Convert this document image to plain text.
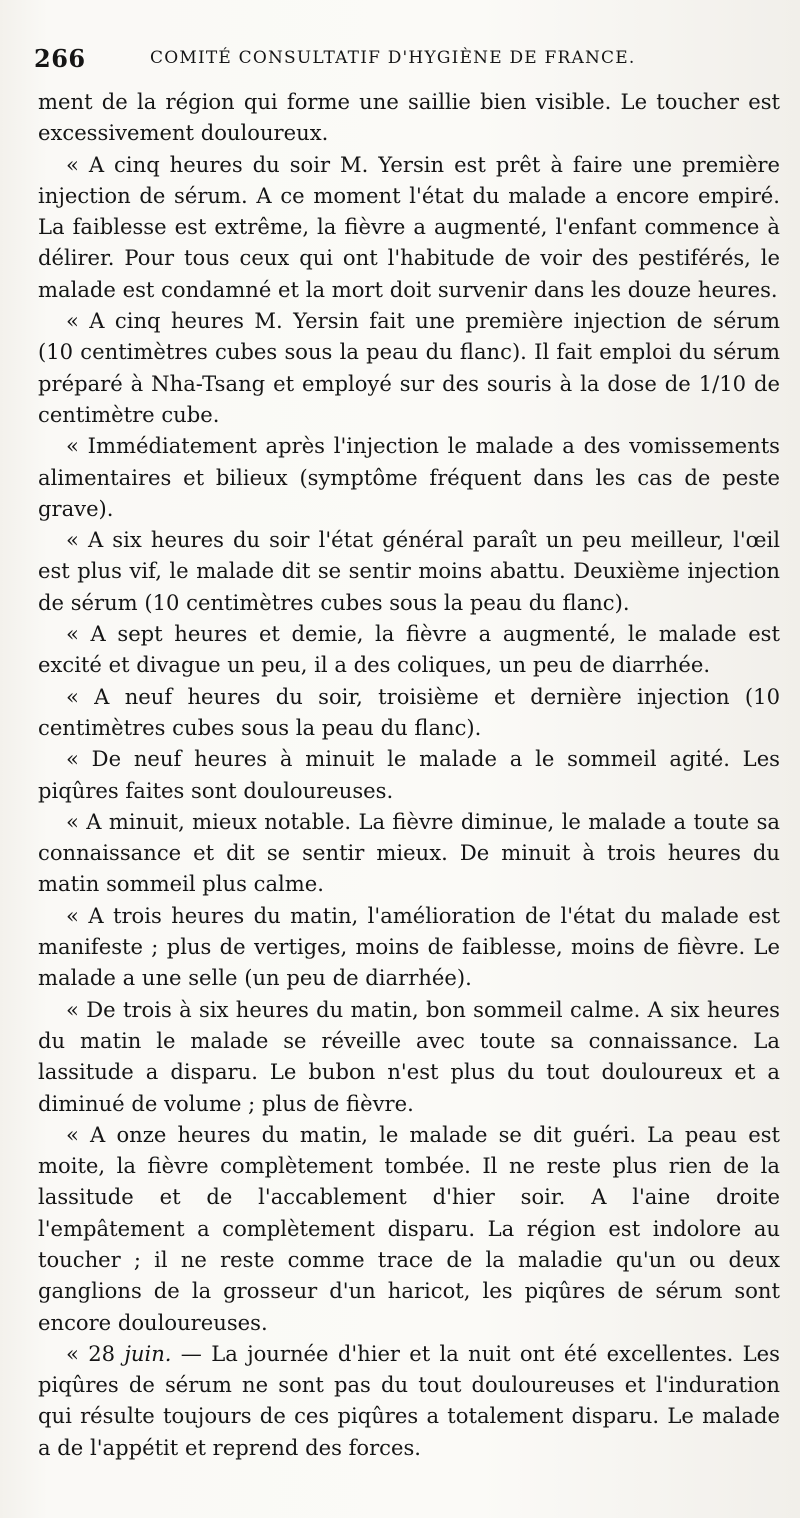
266	COMITÉ CONSULTATIF D'HYGIÈNE DE FRANCE.

ment de la région qui forme une saillie bien visible. Le toucher est excessivement douloureux.

« A cinq heures du soir M. Yersin est prêt à faire une première injection de sérum. A ce moment l'état du malade a encore empiré. La faiblesse est extrême, la fièvre a augmenté, l'enfant commence à délirer. Pour tous ceux qui ont l'habitude de voir des pestiférés, le malade est condamné et la mort doit survenir dans les douze heures.

« A cinq heures M. Yersin fait une première injection de sérum (10 centimètres cubes sous la peau du flanc). Il fait emploi du sérum préparé à Nha-Tsang et employé sur des souris à la dose de 1/10 de centimètre cube.

« Immédiatement après l'injection le malade a des vomissements alimentaires et bilieux (symptôme fréquent dans les cas de peste grave).

« A six heures du soir l'état général paraît un peu meilleur, l'œil est plus vif, le malade dit se sentir moins abattu. Deuxième injection de sérum (10 centimètres cubes sous la peau du flanc).

« A sept heures et demie, la fièvre a augmenté, le malade est excité et divague un peu, il a des coliques, un peu de diarrhée.

« A neuf heures du soir, troisième et dernière injection (10 centimètres cubes sous la peau du flanc).

« De neuf heures à minuit le malade a le sommeil agité. Les piqûres faites sont douloureuses.

« A minuit, mieux notable. La fièvre diminue, le malade a toute sa connaissance et dit se sentir mieux. De minuit à trois heures du matin sommeil plus calme.

« A trois heures du matin, l'amélioration de l'état du malade est manifeste ; plus de vertiges, moins de faiblesse, moins de fièvre. Le malade a une selle (un peu de diarrhée).

« De trois à six heures du matin, bon sommeil calme. A six heures du matin le malade se réveille avec toute sa connaissance. La lassitude a disparu. Le bubon n'est plus du tout douloureux et a diminué de volume ; plus de fièvre.

« A onze heures du matin, le malade se dit guéri. La peau est moite, la fièvre complètement tombée. Il ne reste plus rien de la lassitude et de l'accablement d'hier soir. A l'aine droite l'empâtement a complètement disparu. La région est indolore au toucher ; il ne reste comme trace de la maladie qu'un ou deux ganglions de la grosseur d'un haricot, les piqûres de sérum sont encore douloureuses.

« 28 juin. — La journée d'hier et la nuit ont été excellentes. Les piqûres de sérum ne sont pas du tout douloureuses et l'induration qui résulte toujours de ces piqûres a totalement disparu. Le malade a de l'appétit et reprend des forces.
